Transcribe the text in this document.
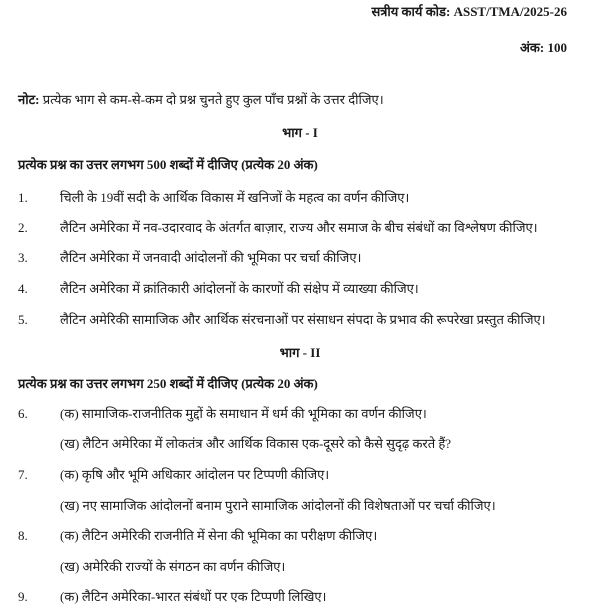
सत्रीय कार्य कोड: ASST/TMA/2025-26
अंक: 100
नोट: प्रत्येक भाग से कम-से-कम दो प्रश्न चुनते हुए कुल पाँच प्रश्नों के उत्तर दीजिए।
भाग - I
प्रत्येक प्रश्न का उत्तर लगभग 500 शब्दों में दीजिए (प्रत्येक 20 अंक)
1. चिली के 19वीं सदी के आर्थिक विकास में खनिजों के महत्व का वर्णन कीजिए।
2. लैटिन अमेरिका में नव-उदारवाद के अंतर्गत बाज़ार, राज्य और समाज के बीच संबंधों का विश्लेषण कीजिए।
3. लैटिन अमेरिका में जनवादी आंदोलनों की भूमिका पर चर्चा कीजिए।
4. लैटिन अमेरिका में क्रांतिकारी आंदोलनों के कारणों की संक्षेप में व्याख्या कीजिए।
5. लैटिन अमेरिकी सामाजिक और आर्थिक संरचनाओं पर संसाधन संपदा के प्रभाव की रूपरेखा प्रस्तुत कीजिए।
भाग - II
प्रत्येक प्रश्न का उत्तर लगभग 250 शब्दों में दीजिए (प्रत्येक 20 अंक)
6. (क) सामाजिक-राजनीतिक मुद्दों के समाधान में धर्म की भूमिका का वर्णन कीजिए।
(ख) लैटिन अमेरिका में लोकतंत्र और आर्थिक विकास एक-दूसरे को कैसे सुदृढ़ करते हैं?
7. (क) कृषि और भूमि अधिकार आंदोलन पर टिप्पणी कीजिए।
(ख) नए सामाजिक आंदोलनों बनाम पुराने सामाजिक आंदोलनों की विशेषताओं पर चर्चा कीजिए।
8. (क) लैटिन अमेरिकी राजनीति में सेना की भूमिका का परीक्षण कीजिए।
(ख) अमेरिकी राज्यों के संगठन का वर्णन कीजिए।
9. (क) लैटिन अमेरिका-भारत संबंधों पर एक टिप्पणी लिखिए।
